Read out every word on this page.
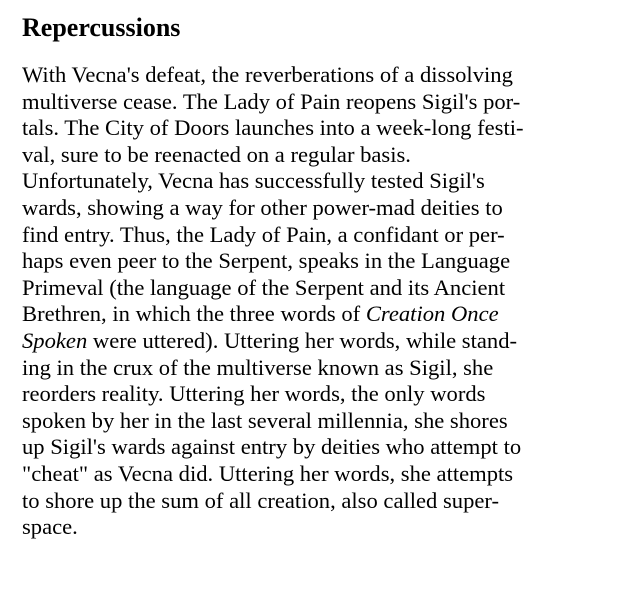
Repercussions
With Vecna's defeat, the reverberations of a dissolving
multiverse cease. The Lady of Pain reopens Sigil's por-
tals. The City of Doors launches into a week-long festi-
val, sure to be reenacted on a regular basis.
Unfortunately, Vecna has successfully tested Sigil's
wards, showing a way for other power-mad deities to
find entry. Thus, the Lady of Pain, a confidant or per-
haps even peer to the Serpent, speaks in the Language
Primeval (the language of the Serpent and its Ancient
Brethren, in which the three words of Creation Once
Spoken were uttered). Uttering her words, while stand-
ing in the crux of the multiverse known as Sigil, she
reorders reality. Uttering her words, the only words
spoken by her in the last several millennia, she shores
up Sigil's wards against entry by deities who attempt to
"cheat" as Vecna did. Uttering her words, she attempts
to shore up the sum of all creation, also called super-
space.
